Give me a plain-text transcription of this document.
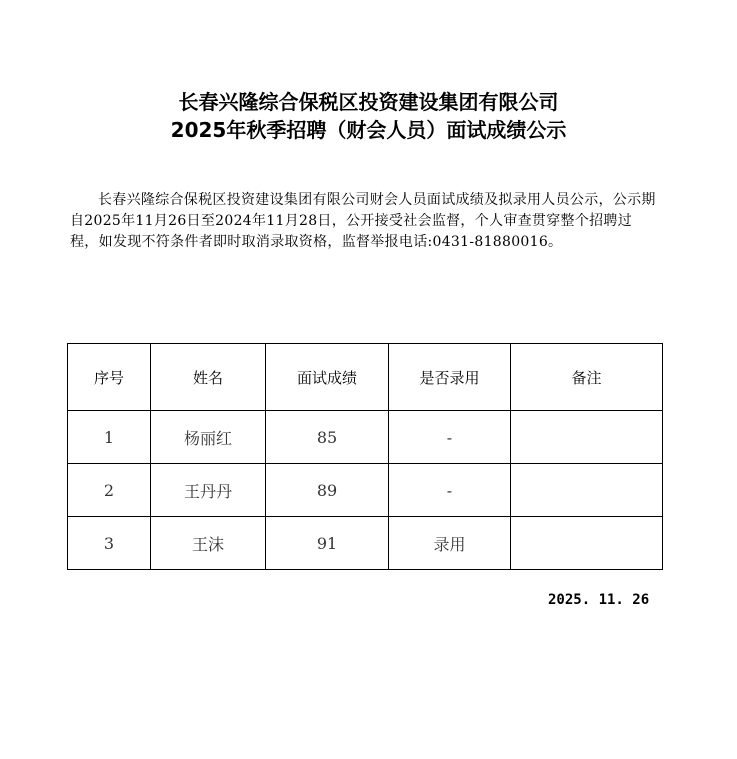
长春兴隆综合保税区投资建设集团有限公司
2025年秋季招聘（财会人员）面试成绩公示

长春兴隆综合保税区投资建设集团有限公司财会人员面试成绩及拟录用人员公示，公示期自2025年11月26日至2024年11月28日，公开接受社会监督，个人审查贯穿整个招聘过程，如发现不符条件者即时取消录取资格，监督举报电话:0431-81880016。

序号	姓名	面试成绩	是否录用	备注
1	杨丽红	85	-	
2	王丹丹	89	-	
3	王沫	91	录用	

2025. 11. 26
